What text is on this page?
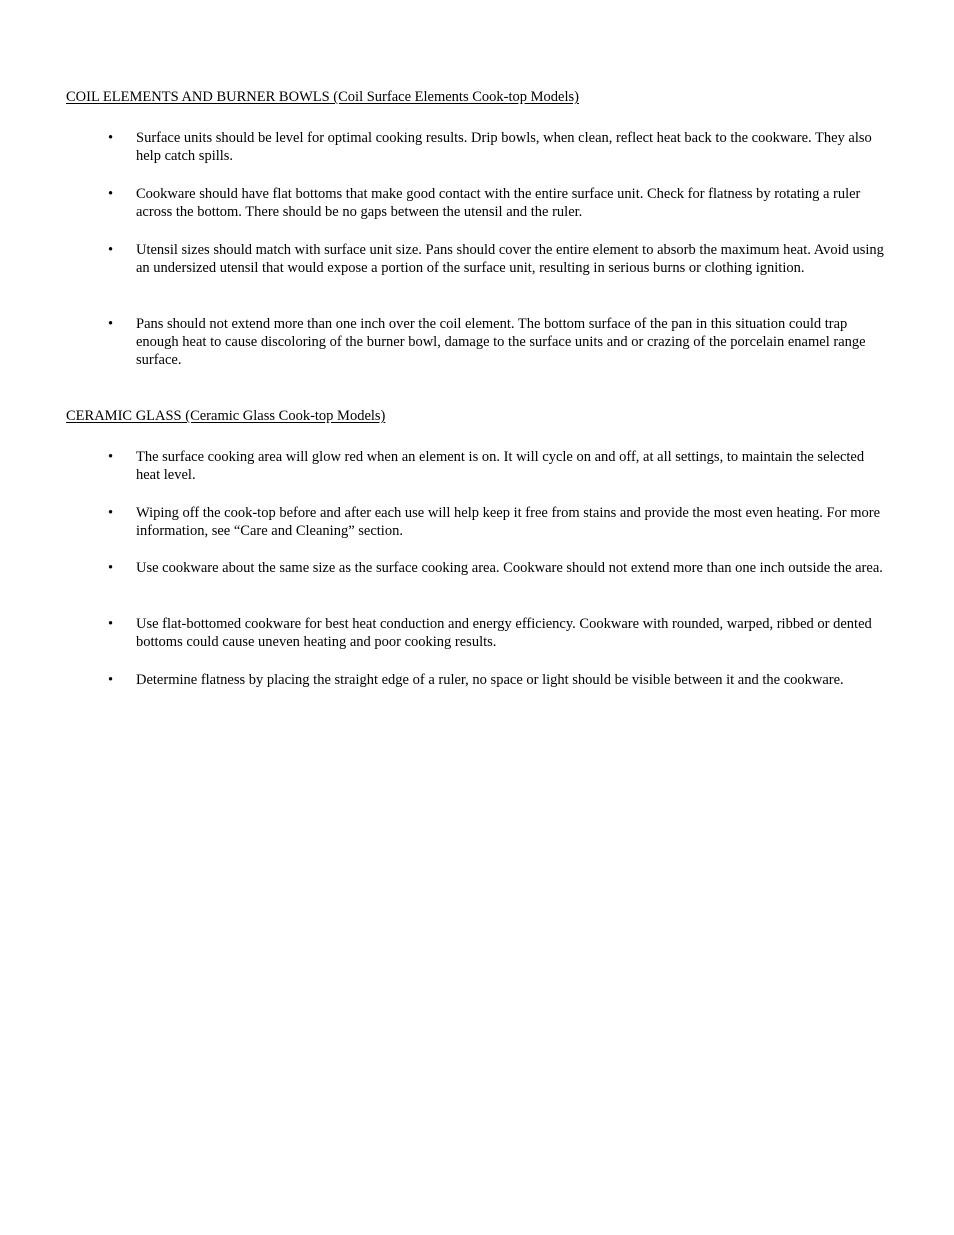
COIL ELEMENTS AND BURNER BOWLS (Coil Surface Elements Cook-top Models)
• Surface units should be level for optimal cooking results. Drip bowls, when clean, reflect heat back to the cookware. They also help catch spills.
• Cookware should have flat bottoms that make good contact with the entire surface unit. Check for flatness by rotating a ruler across the bottom. There should be no gaps between the utensil and the ruler.
• Utensil sizes should match with surface unit size. Pans should cover the entire element to absorb the maximum heat. Avoid using an undersized utensil that would expose a portion of the surface unit, resulting in serious burns or clothing ignition.
• Pans should not extend more than one inch over the coil element. The bottom surface of the pan in this situation could trap enough heat to cause discoloring of the burner bowl, damage to the surface units and or crazing of the porcelain enamel range surface.
CERAMIC GLASS (Ceramic Glass Cook-top Models)
• The surface cooking area will glow red when an element is on. It will cycle on and off, at all settings, to maintain the selected heat level.
• Wiping off the cook-top before and after each use will help keep it free from stains and provide the most even heating. For more information, see “Care and Cleaning” section.
• Use cookware about the same size as the surface cooking area. Cookware should not extend more than one inch outside the area.
• Use flat-bottomed cookware for best heat conduction and energy efficiency. Cookware with rounded, warped, ribbed or dented bottoms could cause uneven heating and poor cooking results.
• Determine flatness by placing the straight edge of a ruler, no space or light should be visible between it and the cookware.
